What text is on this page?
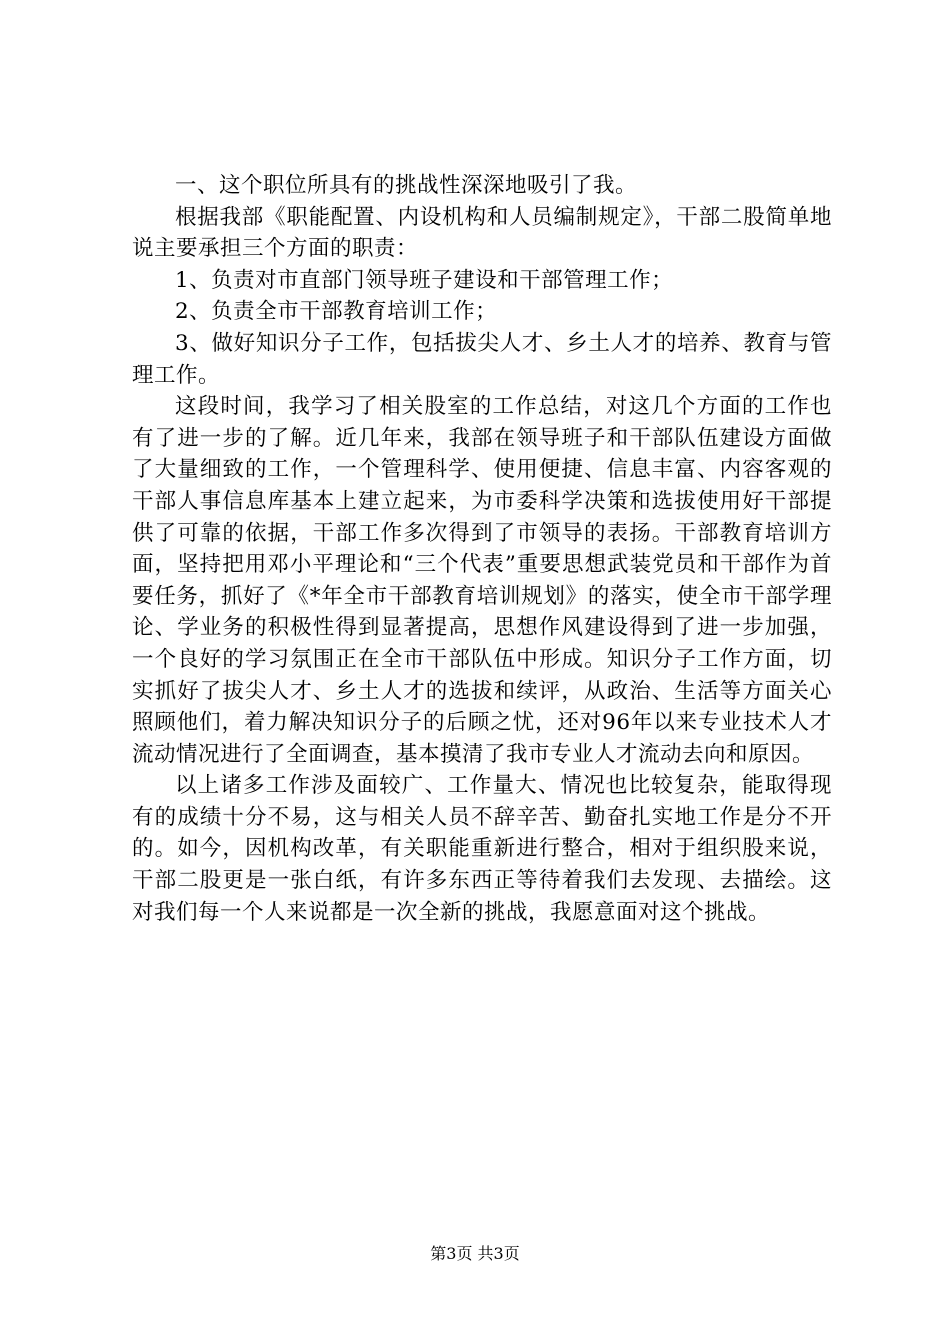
一、这个职位所具有的挑战性深深地吸引了我。

根据我部《职能配置、内设机构和人员编制规定》，干部二股简单地说主要承担三个方面的职责：

1、负责对市直部门领导班子建设和干部管理工作；

2、负责全市干部教育培训工作；

3、做好知识分子工作，包括拔尖人才、乡土人才的培养、教育与管理工作。

这段时间，我学习了相关股室的工作总结，对这几个方面的工作也有了进一步的了解。近几年来，我部在领导班子和干部队伍建设方面做了大量细致的工作，一个管理科学、使用便捷、信息丰富、内容客观的干部人事信息库基本上建立起来，为市委科学决策和选拔使用好干部提供了可靠的依据，干部工作多次得到了市领导的表扬。干部教育培训方面，坚持把用邓小平理论和“三个代表”重要思想武装党员和干部作为首要任务，抓好了《*年全市干部教育培训规划》的落实，使全市干部学理论、学业务的积极性得到显著提高，思想作风建设得到了进一步加强，一个良好的学习氛围正在全市干部队伍中形成。知识分子工作方面，切实抓好了拔尖人才、乡土人才的选拔和续评，从政治、生活等方面关心照顾他们，着力解决知识分子的后顾之忧，还对96年以来专业技术人才流动情况进行了全面调查，基本摸清了我市专业人才流动去向和原因。

以上诸多工作涉及面较广、工作量大、情况也比较复杂，能取得现有的成绩十分不易，这与相关人员不辞辛苦、勤奋扎实地工作是分不开的。如今，因机构改革，有关职能重新进行整合，相对于组织股来说，干部二股更是一张白纸，有许多东西正等待着我们去发现、去描绘。这对我们每一个人来说都是一次全新的挑战，我愿意面对这个挑战。

第3页 共3页
